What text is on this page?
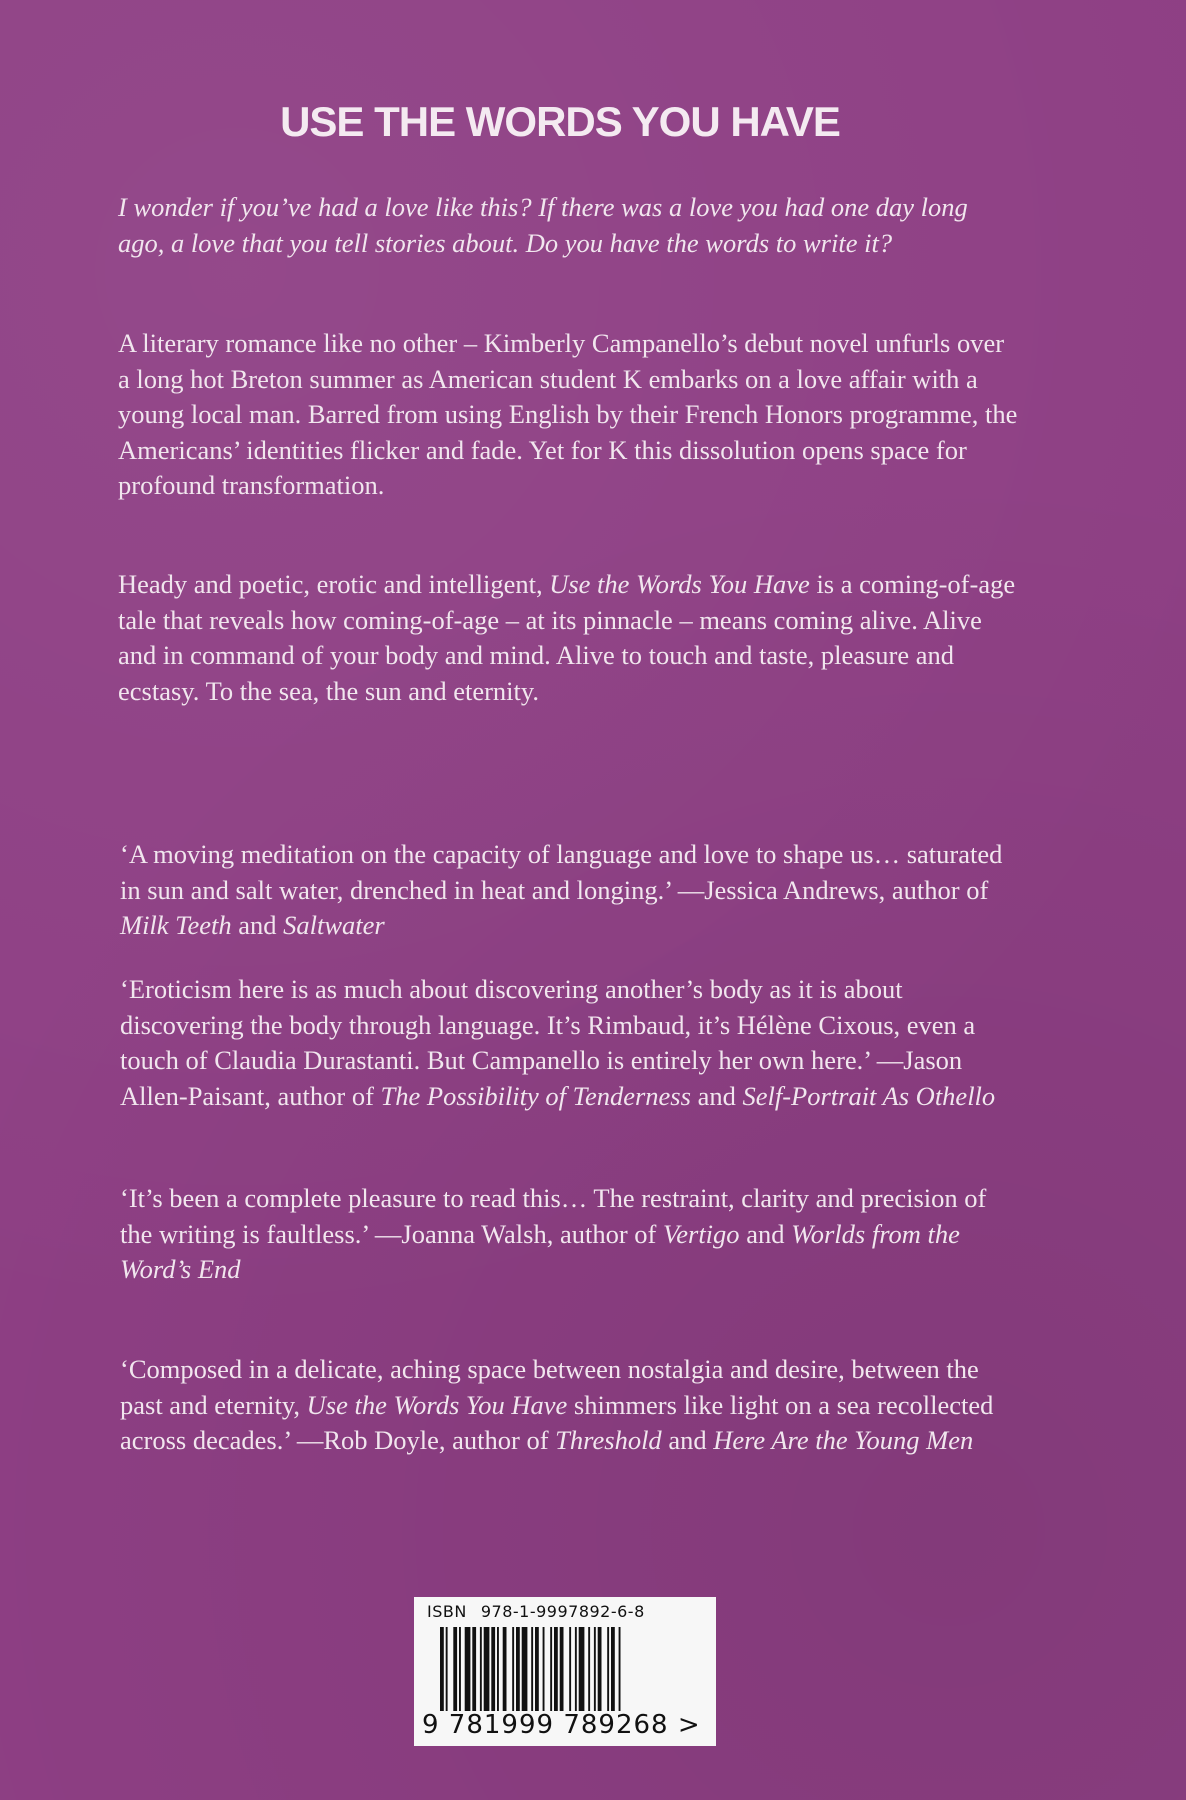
USE THE WORDS YOU HAVE

I wonder if you’ve had a love like this? If there was a love you had one day long ago, a love that you tell stories about. Do you have the words to write it?

A literary romance like no other – Kimberly Campanello’s debut novel unfurls over a long hot Breton summer as American student K embarks on a love affair with a young local man. Barred from using English by their French Honors programme, the Americans’ identities flicker and fade. Yet for K this dissolution opens space for profound transformation.

Heady and poetic, erotic and intelligent, Use the Words You Have is a coming-of-age tale that reveals how coming-of-age – at its pinnacle – means coming alive. Alive and in command of your body and mind. Alive to touch and taste, pleasure and ecstasy. To the sea, the sun and eternity.

‘A moving meditation on the capacity of language and love to shape us… saturated in sun and salt water, drenched in heat and longing.’ —Jessica Andrews, author of Milk Teeth and Saltwater

‘Eroticism here is as much about discovering another’s body as it is about discovering the body through language. It’s Rimbaud, it’s Hélène Cixous, even a touch of Claudia Durastanti. But Campanello is entirely her own here.’ —Jason Allen-Paisant, author of The Possibility of Tenderness and Self-Portrait As Othello

‘It’s been a complete pleasure to read this… The restraint, clarity and precision of the writing is faultless.’ —Joanna Walsh, author of Vertigo and Worlds from the Word’s End

‘Composed in a delicate, aching space between nostalgia and desire, between the past and eternity, Use the Words You Have shimmers like light on a sea recollected across decades.’ —Rob Doyle, author of Threshold and Here Are the Young Men

ISBN 978-1-9997892-6-8
9 781999 789268 >
